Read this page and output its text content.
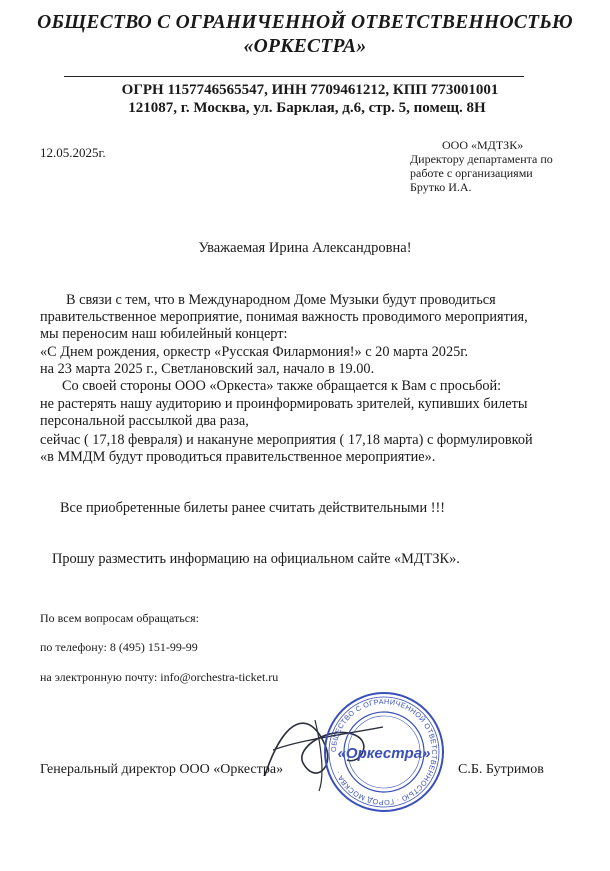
ОБЩЕСТВО С ОГРАНИЧЕННОЙ ОТВЕТСТВЕННОСТЬЮ
«ОРКЕСТРА»
ОГРН 1157746565547, ИНН 7709461212, КПП 773001001
121087, г. Москва, ул. Барклая, д.6, стр. 5, помещ. 8Н
12.05.2025г.	ООО «МДТЗК»
Директору департамента по
работе с организациями
Брутко И.А.
Уважаемая Ирина Александровна!
В связи с тем, что в Международном Доме Музыки будут проводиться
правительственное мероприятие, понимая важность проводимого мероприятия,
мы переносим наш юбилейный концерт:
«С Днем рождения, оркестр «Русская Филармония!» с 20 марта 2025г.
на 23 марта 2025 г., Светлановский зал, начало в 19.00.
Со своей стороны ООО «Оркеста» также обращается к Вам с просьбой:
не растерять нашу аудиторию и проинформировать зрителей, купивших билеты
персональной рассылкой два раза,
сейчас ( 17,18 февраля) и накануне мероприятия ( 17,18 марта) с формулировкой
«в ММДМ будут проводиться правительственное мероприятие».
Все приобретенные билеты ранее считать действительными !!!
Прошу разместить информацию на официальном сайте «МДТЗК».
По всем вопросам обращаться:
по телефону: 8 (495) 151-99-99
на электронную почту: info@orchestra-ticket.ru
ОБЩЕСТВО С ОГРАНИЧЕННОЙ ОТВЕТСТВЕННОСТЬЮ · ГОРОД МОСКВА ·
«Оркестра»
Генеральный директор ООО «Оркестра»	С.Б. Бутримов
